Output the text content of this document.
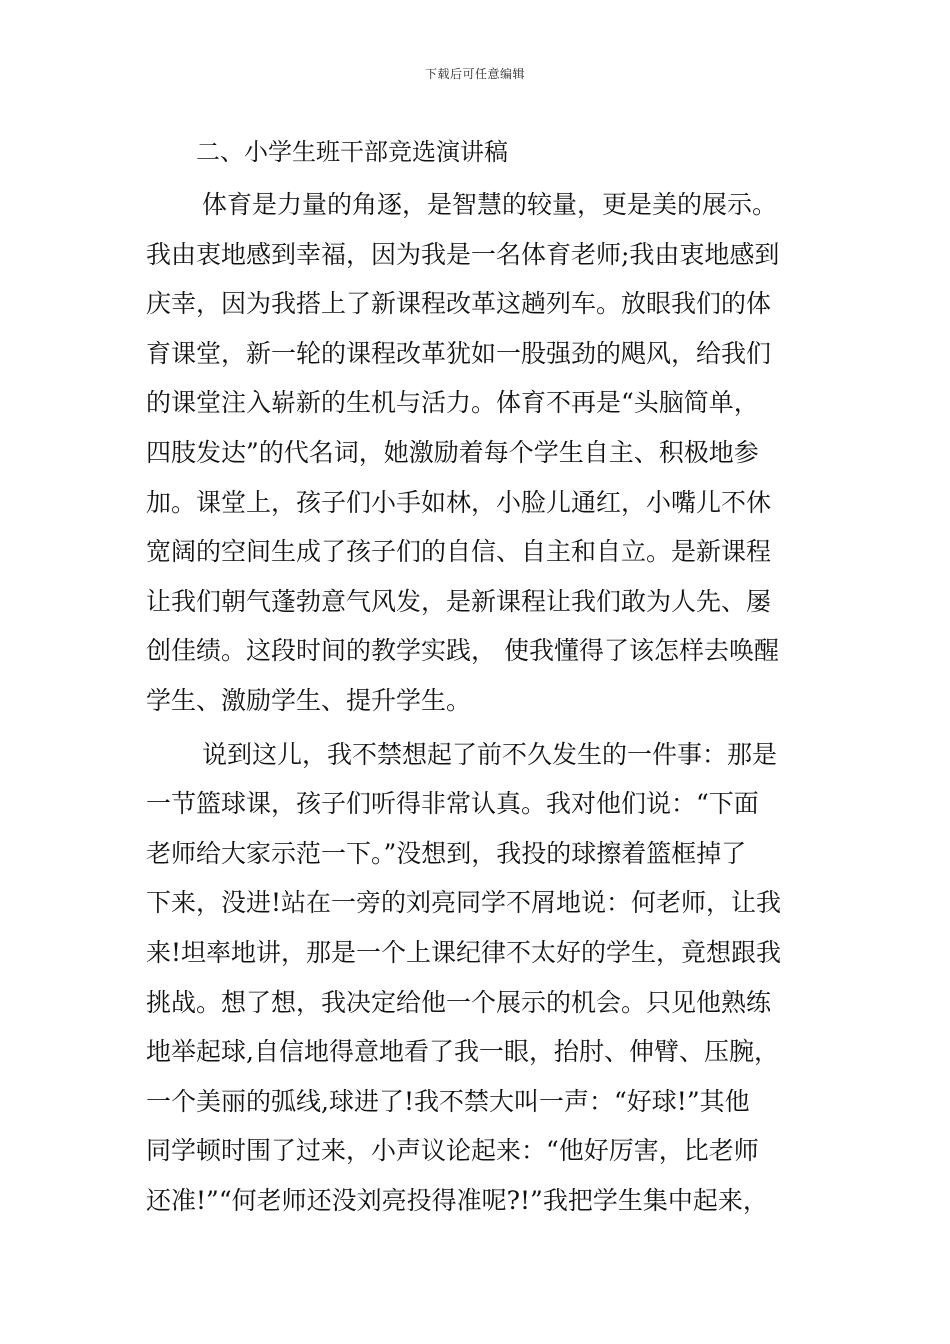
下载后可任意编辑
二、小学生班干部竞选演讲稿
体育是力量的角逐，是智慧的较量，更是美的展示。
我由衷地感到幸福，因为我是一名体育老师;我由衷地感到
庆幸，因为我搭上了新课程改革这趟列车。放眼我们的体
育课堂，新一轮的课程改革犹如一股强劲的飓风，给我们
的课堂注入崭新的生机与活力。体育不再是“头脑简单，
四肢发达”的代名词，她激励着每个学生自主、积极地参
加。课堂上，孩子们小手如林，小脸儿通红，小嘴儿不休
宽阔的空间生成了孩子们的自信、自主和自立。是新课程
让我们朝气蓬勃意气风发，是新课程让我们敢为人先、屡
创佳绩。这段时间的教学实践， 使我懂得了该怎样去唤醒
学生、激励学生、提升学生。
说到这儿，我不禁想起了前不久发生的一件事：那是
一节篮球课，孩子们听得非常认真。我对他们说：“下面
老师给大家示范一下。”没想到，我投的球擦着篮框掉了
下来，没进!站在一旁的刘亮同学不屑地说：何老师，让我
来!坦率地讲，那是一个上课纪律不太好的学生，竟想跟我
挑战。想了想，我决定给他一个展示的机会。只见他熟练
地举起球,自信地得意地看了我一眼，抬肘、伸臂、压腕，
一个美丽的弧线,球进了!我不禁大叫一声：“好球!”其他
同学顿时围了过来，小声议论起来：“他好厉害，比老师
还准!”“何老师还没刘亮投得准呢?!”我把学生集中起来，
